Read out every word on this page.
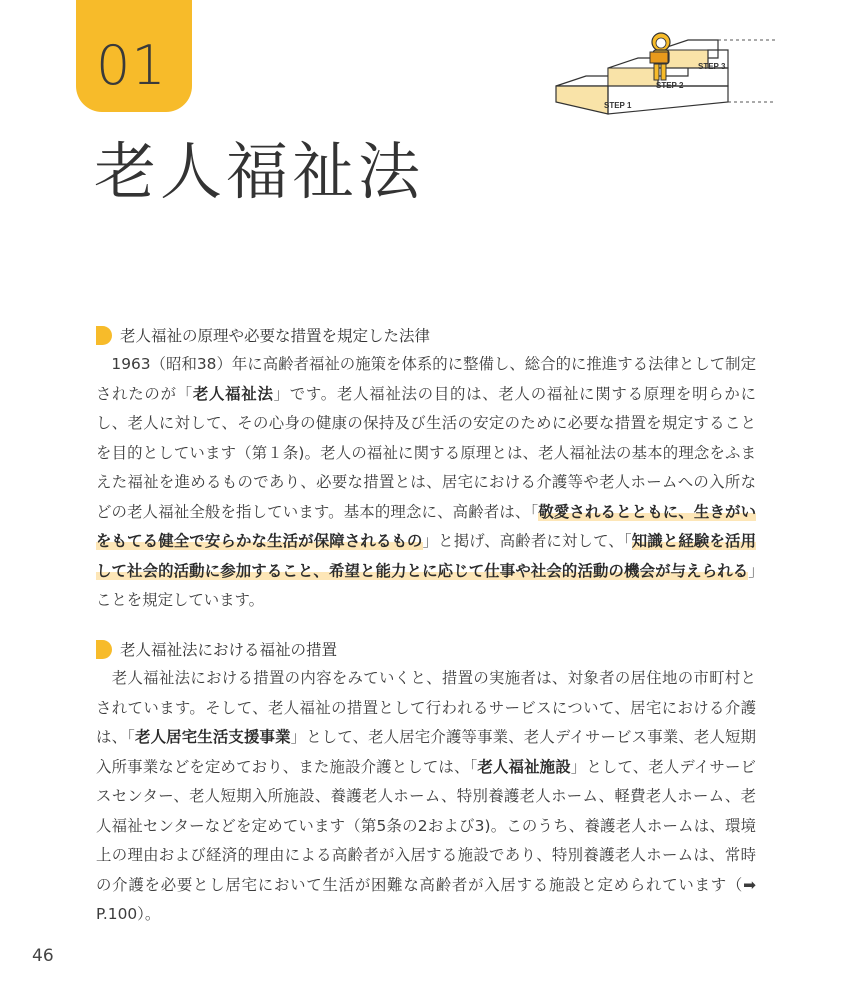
01
老人福祉法
STEP 3
STEP 2
STEP 1
老人福祉の原理や必要な措置を規定した法律

　1963（昭和38）年に高齢者福祉の施策を体系的に整備し、総合的に推進する法律として制定されたのが「老人福祉法」です。老人福祉法の目的は、老人の福祉に関する原理を明らかにし、老人に対して、その心身の健康の保持及び生活の安定のために必要な措置を規定することを目的としています（第１条)。老人の福祉に関する原理とは、老人福祉法の基本的理念をふまえた福祉を進めるものであり、必要な措置とは、居宅における介護等や老人ホームへの入所などの老人福祉全般を指しています。基本的理念に、高齢者は、「敬愛されるとともに、生きがいをもてる健全で安らかな生活が保障されるもの」と掲げ、高齢者に対して、「知識と経験を活用して社会的活動に参加すること、希望と能力とに応じて仕事や社会的活動の機会が与えられる」ことを規定しています。

老人福祉法における福祉の措置

　老人福祉法における措置の内容をみていくと、措置の実施者は、対象者の居住地の市町村とされています。そして、老人福祉の措置として行われるサービスについて、居宅における介護は、「老人居宅生活支援事業」として、老人居宅介護等事業、老人デイサービス事業、老人短期入所事業などを定めており、また施設介護としては、「老人福祉施設」として、老人デイサービスセンター、老人短期入所施設、養護老人ホーム、特別養護老人ホーム、軽費老人ホーム、老人福祉センターなどを定めています（第5条の2および3)。このうち、養護老人ホームは、環境上の理由および経済的理由による高齢者が入居する施設であり、特別養護老人ホームは、常時の介護を必要とし居宅において生活が困難な高齢者が入居する施設と定められています（➡ P.100）。

46
